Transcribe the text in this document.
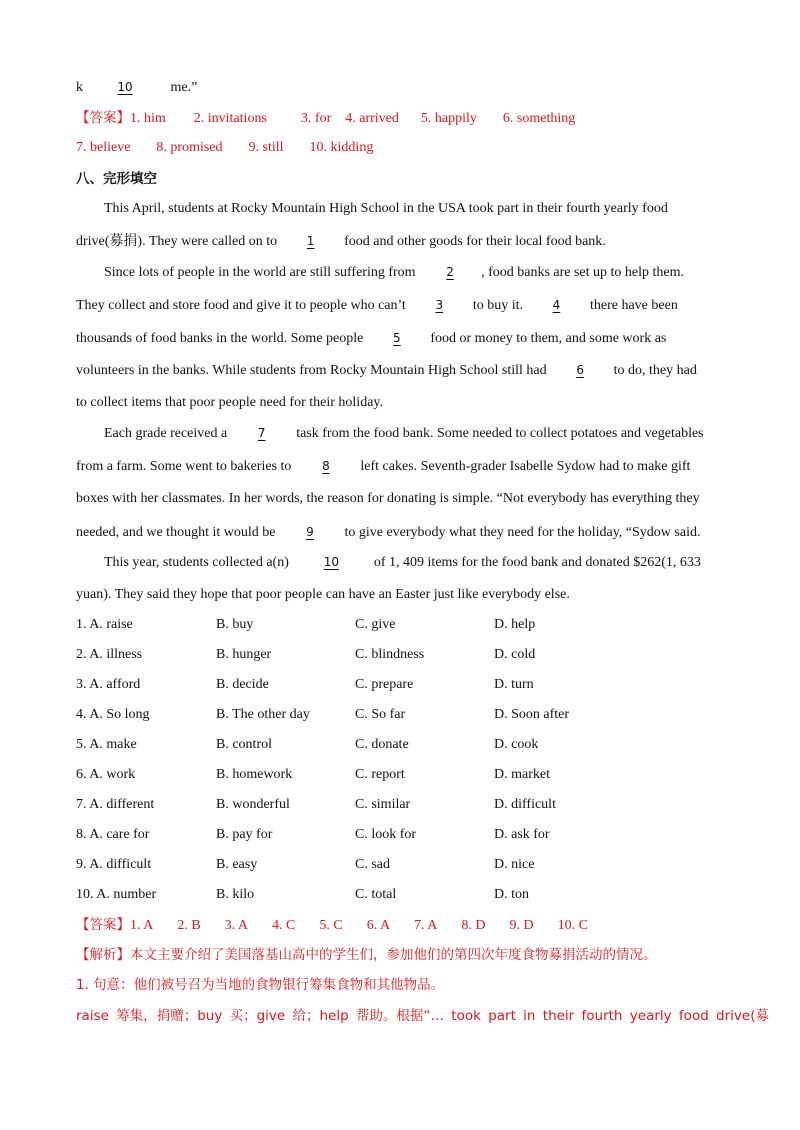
k	10	me.”
【答案】1. him 2. invitations 3. for 4. arrived 5. happily 6. something
7. believe 8. promised 9. still 10. kidding
八、完形填空
This April, students at Rocky Mountain High School in the USA took part in their fourth yearly food
drive(募捐). They were called on to 1 food and other goods for their local food bank.
Since lots of people in the world are still suffering from	2 , food banks are set up to help them.
They collect and store food and give it to people who can’t 3 to buy it. 4 there have been
thousands of food banks in the world. Some people 5 food or money to them, and some work as
volunteers in the banks. While students from Rocky Mountain High School still had 6 to do, they had
to collect items that poor people need for their holiday.
Each grade received a	7 task from the food bank. Some needed to collect potatoes and vegetables
from a farm. Some went to bakeries to	8 left cakes. Seventh-grader Isabelle Sydow had to make gift
boxes with her classmates. In her words, the reason for donating is simple. “Not everybody has everything they
needed, and we thought it would be	9 to give everybody what they need for the holiday, “Sydow said.
This year, students collected a(n)	10 of 1, 409 items for the food bank and donated $262(1, 633
yuan). They said they hope that poor people can have an Easter just like everybody else.
1. A. raise	B. buy	C. give	D. help
2. A. illness	B. hunger	C. blindness	D. cold
3. A. afford	B. decide	C. prepare	D. turn
4. A. So long	B. The other day	C. So far	D. Soon after
5. A. make	B. control	C. donate	D. cook
6. A. work	B. homework	C. report	D. market
7. A. different	B. wonderful	C. similar	D. difficult
8. A. care for	B. pay for	C. look for	D. ask for
9. A. difficult	B. easy	C. sad	D. nice
10. A. number	B. kilo	C. total	D. ton
【答案】1. A 2. B 3. A 4. C 5. C 6. A 7. A 8. D 9. D 10. C
【解析】本文主要介绍了美国落基山高中的学生们，参加他们的第四次年度食物募捐活动的情况。
1. 句意：他们被号召为当地的食物银行筹集食物和其他物品。
raise 筹集，捐赠；buy 买；give 给；help 帮助。根据“… took part in their fourth yearly food drive(募
